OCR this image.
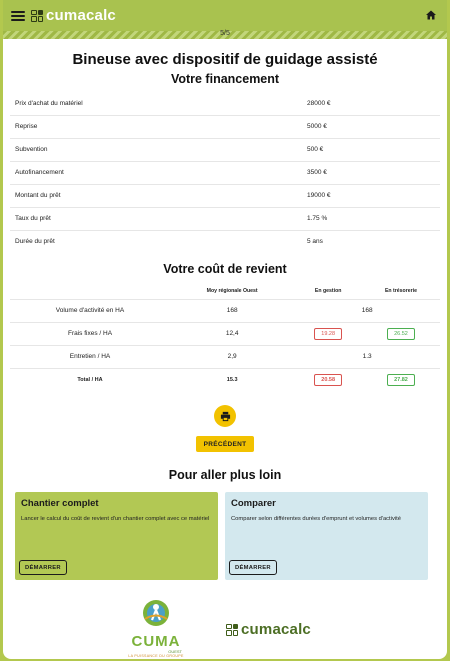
cumacalc
5/5
Bineuse avec dispositif de guidage assisté
Votre financement
Prix d'achat du matériel	28000 €
Reprise	5000 €
Subvention	500 €
Autofinancement	3500 €
Montant du prêt	19000 €
Taux du prêt	1.75 %
Durée du prêt	5 ans
Votre coût de revient
	Moy régionale Ouest	En gestion	En trésorerie
Volume d'activité en HA	168	168	
Frais fixes / HA	12,4	19.28	26.52
Entretien / HA	2,9	1.3	
Total / HA	15.3	20.58	27.82
PRÉCÉDENT
Pour aller plus loin
Chantier complet
Lancer le calcul du coût de revient d'un chantier complet avec ce matériel
DÉMARRER
Comparer
Comparer selon différentes durées d'emprunt et volumes d'activité
DÉMARRER
CUMA
OUEST
LA PUISSANCE DU GROUPE
cumacalc
